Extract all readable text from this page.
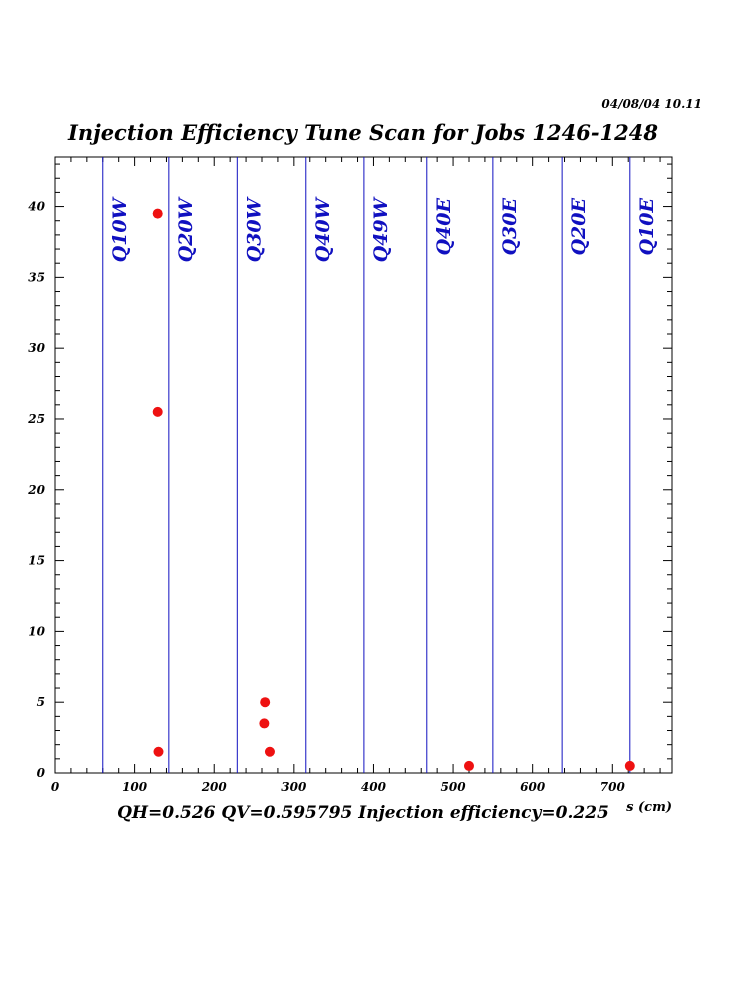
04/08/04 10.11
Injection Efficiency Tune Scan for Jobs 1246-1248
Q10W Q20W Q30W Q40W Q49W Q40E Q30E Q20E Q10E
0	100	200	300	400	500	600	700
0
5
10
15
20
25
30
35
40
s (cm)
QH=0.526 QV=0.595795 Injection efficiency=0.225
